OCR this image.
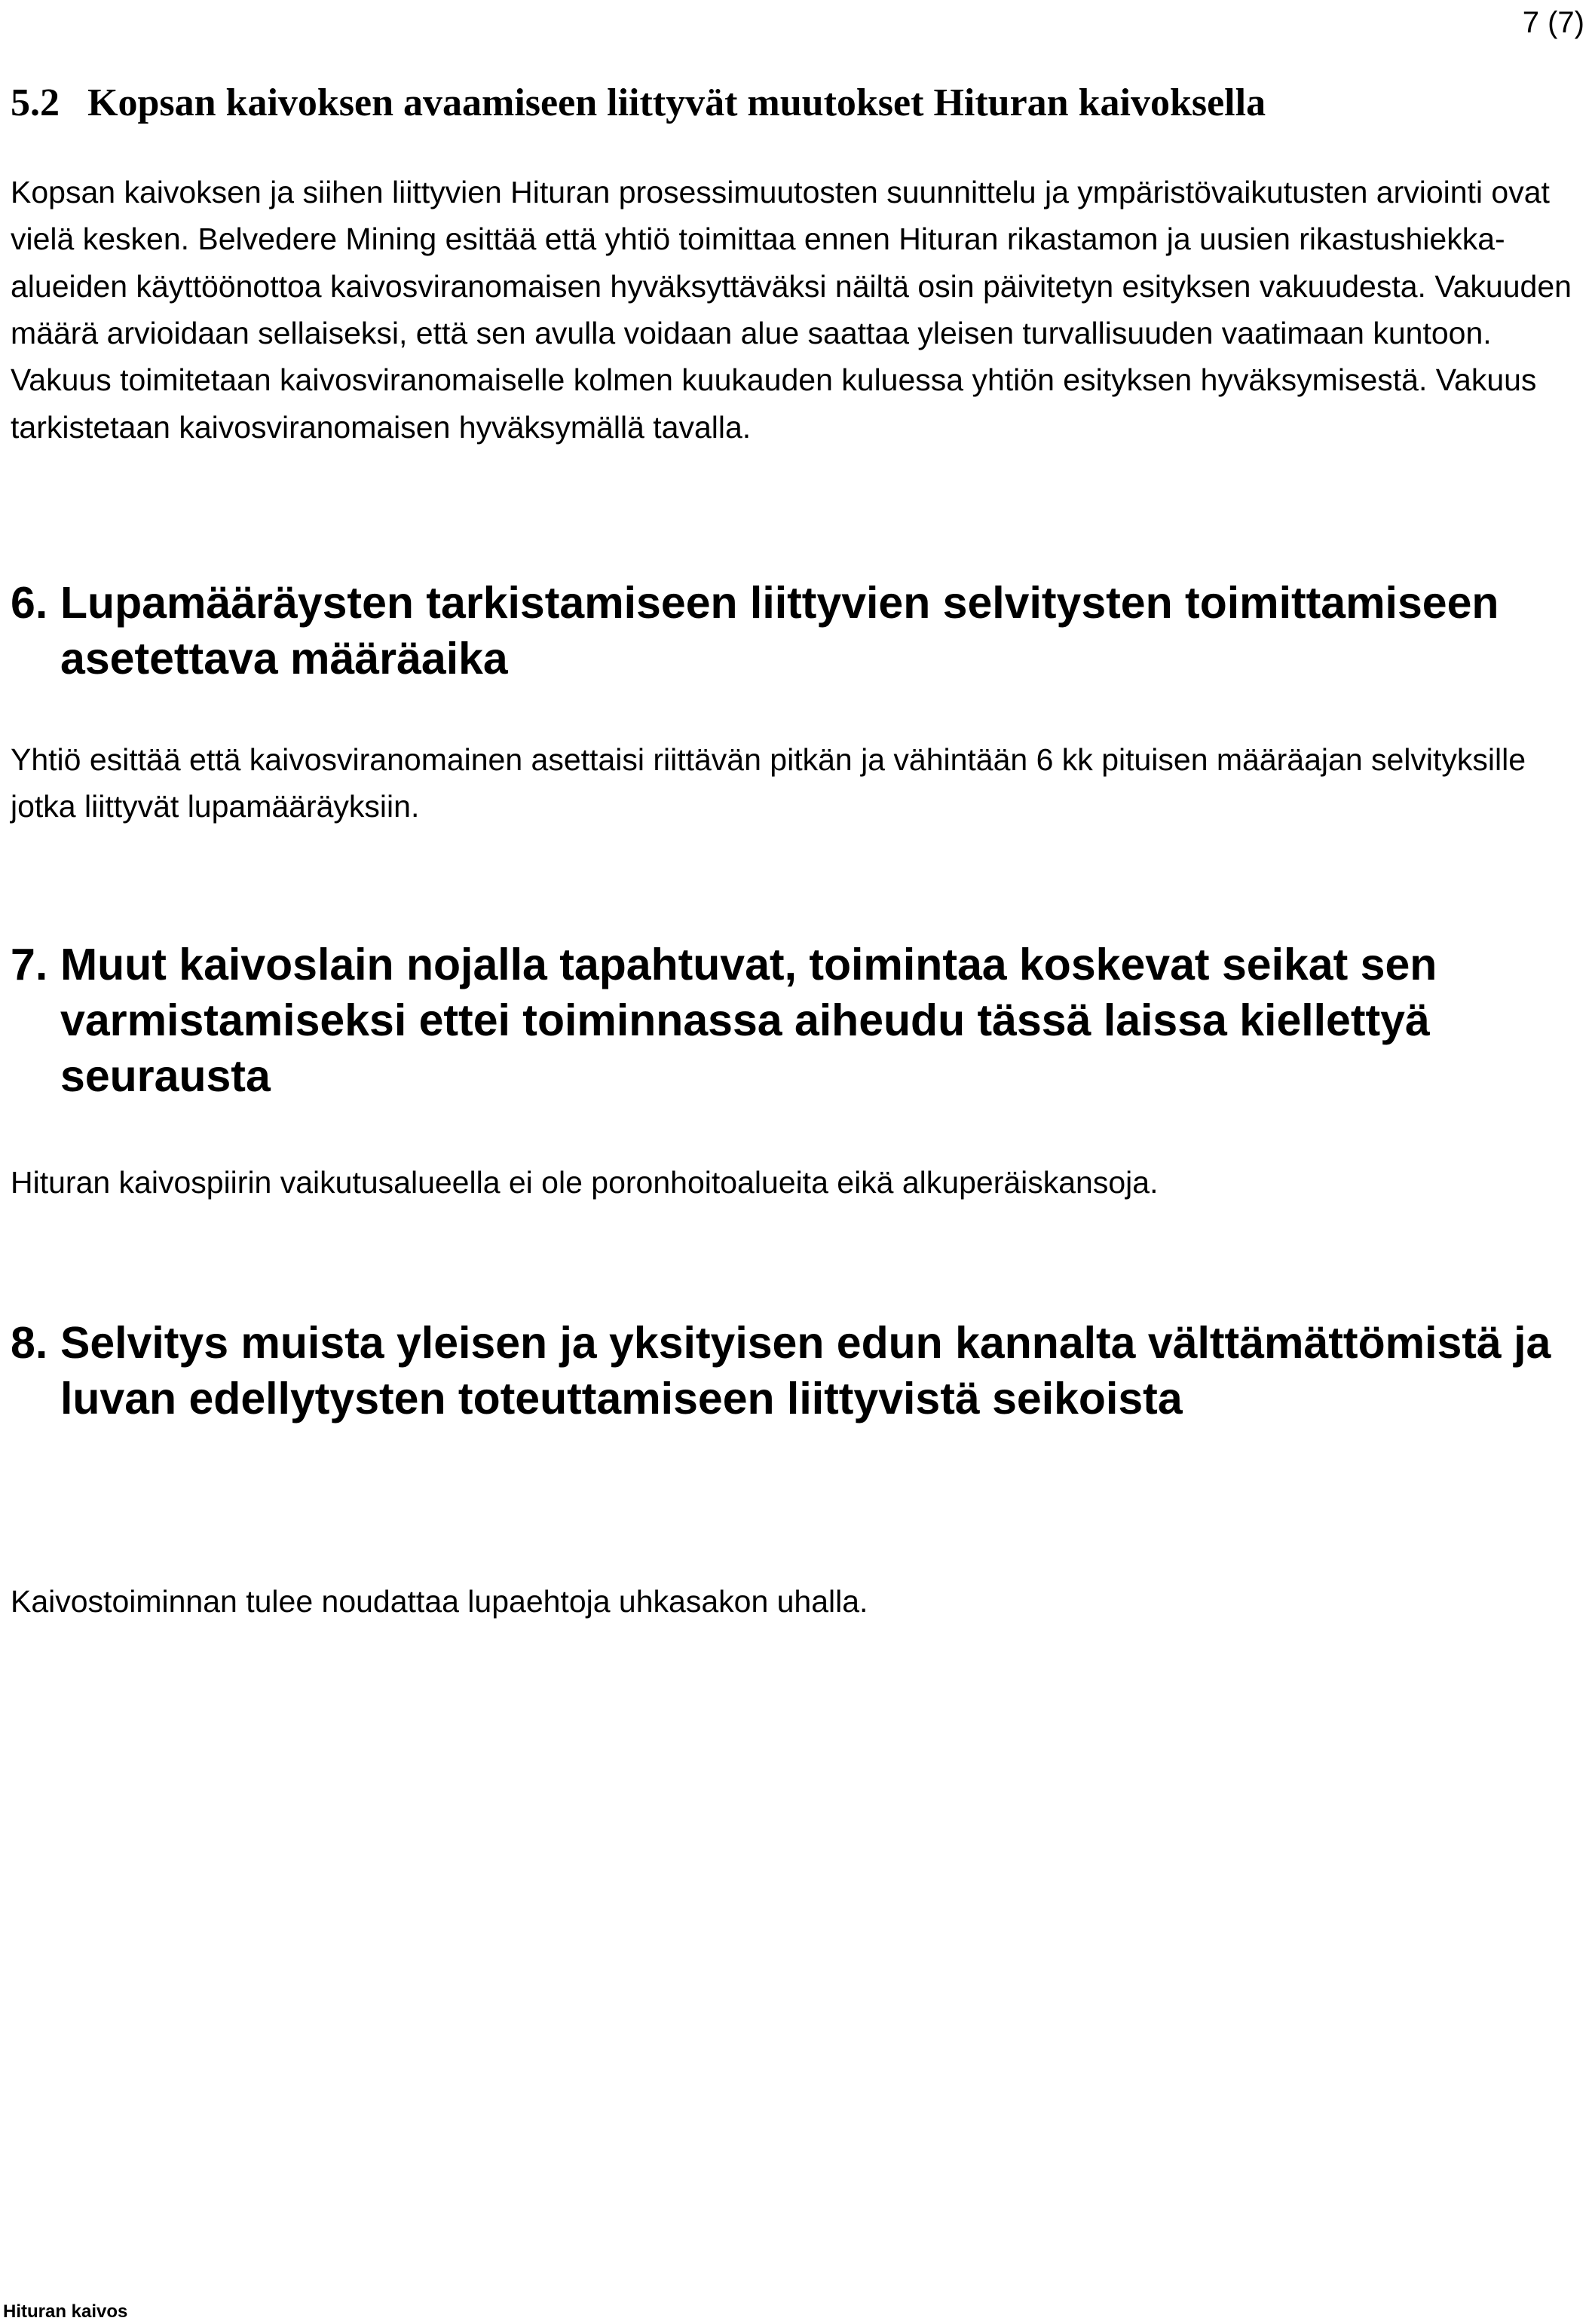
7 (7)
5.2 Kopsan kaivoksen avaamiseen liittyvät muutokset Hituran kaivoksella
Kopsan kaivoksen ja siihen liittyvien Hituran prosessimuutosten suunnittelu ja ympäristövaikutusten arviointi ovat vielä kesken. Belvedere Mining esittää että yhtiö toimittaa ennen Hituran rikastamon ja uusien rikastushiekka-alueiden käyttöönottoa kaivosviranomaisen hyväksyttäväksi näiltä osin päivitetyn esityksen vakuudesta. Vakuuden määrä arvioidaan sellaiseksi, että sen avulla voidaan alue saattaa yleisen turvallisuuden vaatimaan kuntoon. Vakuus toimitetaan kaivosviranomaiselle kolmen kuukauden kuluessa yhtiön esityksen hyväksymisestä. Vakuus tarkistetaan kaivosviranomaisen hyväksymällä tavalla.
6. Lupamääräysten tarkistamiseen liittyvien selvitysten toimittamiseen asetettava määräaika
Yhtiö esittää että kaivosviranomainen asettaisi riittävän pitkän ja vähintään 6 kk pituisen määräajan selvityksille jotka liittyvät lupamääräyksiin.
7. Muut kaivoslain nojalla tapahtuvat, toimintaa koskevat seikat sen varmistamiseksi ettei toiminnassa aiheudu tässä laissa kiellettyä seurausta
Hituran kaivospiirin vaikutusalueella ei ole poronhoitoalueita eikä alkuperäiskansoja.
8. Selvitys muista yleisen ja yksityisen edun kannalta välttämättömistä ja luvan edellytysten toteuttamiseen liittyvistä seikoista
Kaivostoiminnan tulee noudattaa lupaehtoja uhkasakon uhalla.
Hituran kaivos
